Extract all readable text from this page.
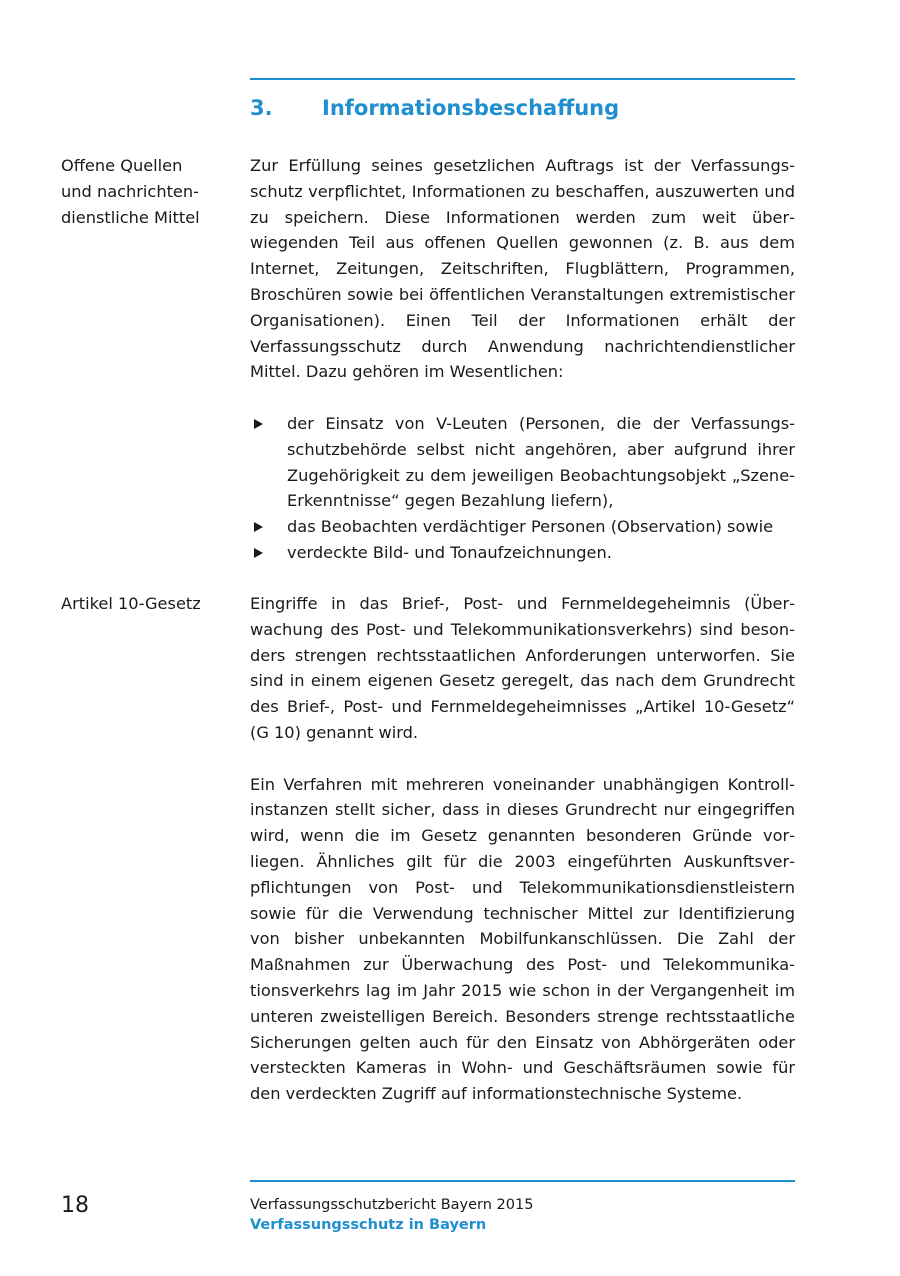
3. Informationsbeschaffung
Offene Quellen
und nachrichten-
dienstliche Mittel

Zur Erfüllung seines gesetzlichen Auftrags ist der Verfassungsschutz verpflichtet, Informationen zu beschaffen, auszuwerten und zu speichern. Diese Informationen werden zum weit überwiegenden Teil aus offenen Quellen gewonnen (z. B. aus dem Internet, Zeitungen, Zeitschriften, Flugblättern, Programmen, Broschüren sowie bei öffentlichen Veranstaltungen extremistischer Organisationen). Einen Teil der Informationen erhält der Verfassungsschutz durch Anwendung nachrichtendienstlicher Mittel. Dazu gehören im Wesentlichen:

der Einsatz von V-Leuten (Personen, die der Verfassungsschutzbehörde selbst nicht angehören, aber aufgrund ihrer Zugehörigkeit zu dem jeweiligen Beobachtungsobjekt „Szene-Erkenntnisse“ gegen Bezahlung liefern),
das Beobachten verdächtiger Personen (Observation) sowie
verdeckte Bild- und Tonaufzeichnungen.
Artikel 10-Gesetz	Eingriffe in das Brief-, Post- und Fernmeldegeheimnis (Überwachung des Post- und Telekommunikationsverkehrs) sind besonders strengen rechtsstaatlichen Anforderungen unterworfen. Sie sind in einem eigenen Gesetz geregelt, das nach dem Grundrecht des Brief-, Post- und Fernmeldegeheimnisses „Artikel 10-Gesetz“ (G 10) genannt wird.

Ein Verfahren mit mehreren voneinander unabhängigen Kontrollinstanzen stellt sicher, dass in dieses Grundrecht nur eingegriffen wird, wenn die im Gesetz genannten besonderen Gründe vorliegen. Ähnliches gilt für die 2003 eingeführten Auskunftsverpflichtungen von Post- und Telekommunikationsdienstleistern sowie für die Verwendung technischer Mittel zur Identifizierung von bisher unbekannten Mobilfunkanschlüssen. Die Zahl der Maßnahmen zur Überwachung des Post- und Telekommunikationsverkehrs lag im Jahr 2015 wie schon in der Vergangenheit im unteren zweistelligen Bereich. Besonders strenge rechtsstaatliche Sicherungen gelten auch für den Einsatz von Abhörgeräten oder versteckten Kameras in Wohn- und Geschäftsräumen sowie für den verdeckten Zugriff auf informationstechnische Systeme.

18	Verfassungsschutzbericht Bayern 2015
Verfassungsschutz in Bayern
